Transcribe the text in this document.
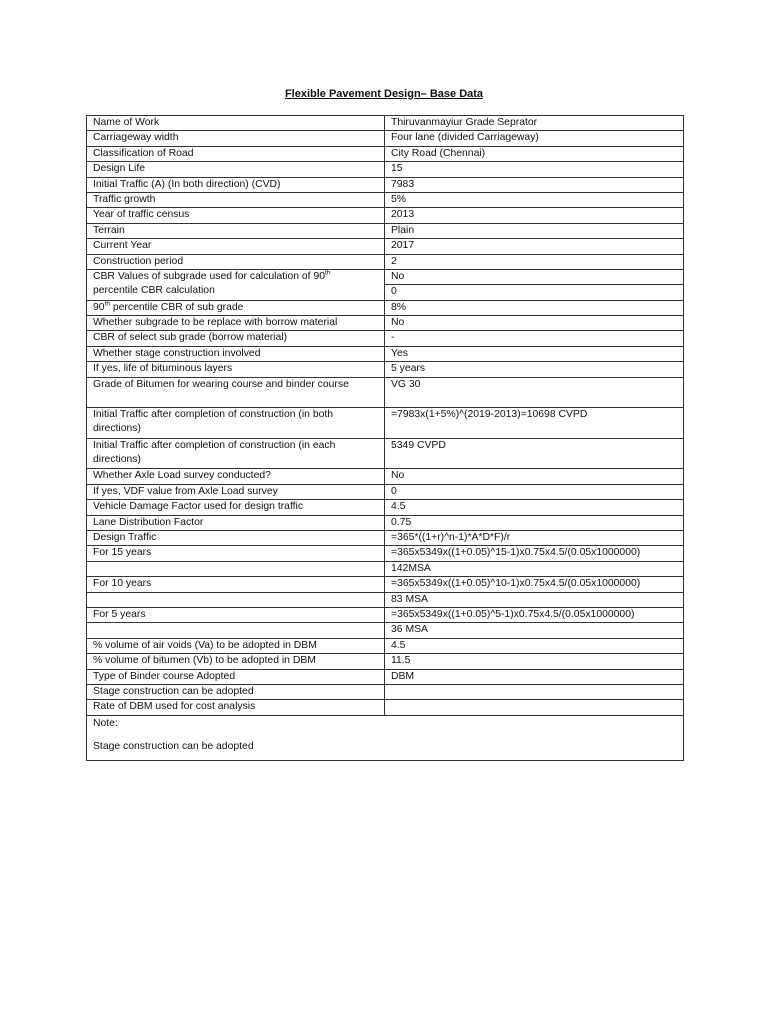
Flexible Pavement Design– Base Data
Name of Work	Thiruvanmayiur Grade Seprator
Carriageway width	Four lane (divided Carriageway)
Classification of Road	City Road (Chennai)
Design Life	15
Initial Traffic (A) (In both direction) (CVD)	7983
Traffic growth	5%
Year of traffic census	2013
Terrain	Plain
Current Year	2017
Construction period	2
CBR Values of subgrade used for calculation of 90th
percentile CBR calculation	No
	0
90th percentile CBR of sub grade	8%
Whether subgrade to be replace with borrow material	No
CBR of select sub grade (borrow material)	-
Whether stage construction involved	Yes
If yes, life of bituminous layers	5 years
Grade of Bitumen for wearing course and binder course	VG 30
Initial Traffic after completion of construction (in both directions)	=7983x(1+5%)^(2019-2013)=10698 CVPD
Initial Traffic after completion of construction (in each directions)	5349 CVPD
Whether Axle Load survey conducted?	No
If yes, VDF value from Axle Load survey	0
Vehicle Damage Factor used for design traffic	4.5
Lane Distribution Factor	0.75
Design Traffic	=365*((1+r)^n-1)*A*D*F)/r
For 15 years	=365x5349x((1+0.05)^15-1)x0.75x4.5/(0.05x1000000)
	142MSA
For 10 years	=365x5349x((1+0.05)^10-1)x0.75x4.5/(0.05x1000000)
	83 MSA
For 5 years	=365x5349x((1+0.05)^5-1)x0.75x4.5/(0.05x1000000)
	36 MSA
% volume of air voids (Va) to be adopted in DBM	4.5
% volume of bitumen (Vb) to be adopted in DBM	11.5
Type of Binder course Adopted	DBM
Stage construction can be adopted	
Rate of DBM used for cost analysis	

Note:
Stage construction can be adopted	
